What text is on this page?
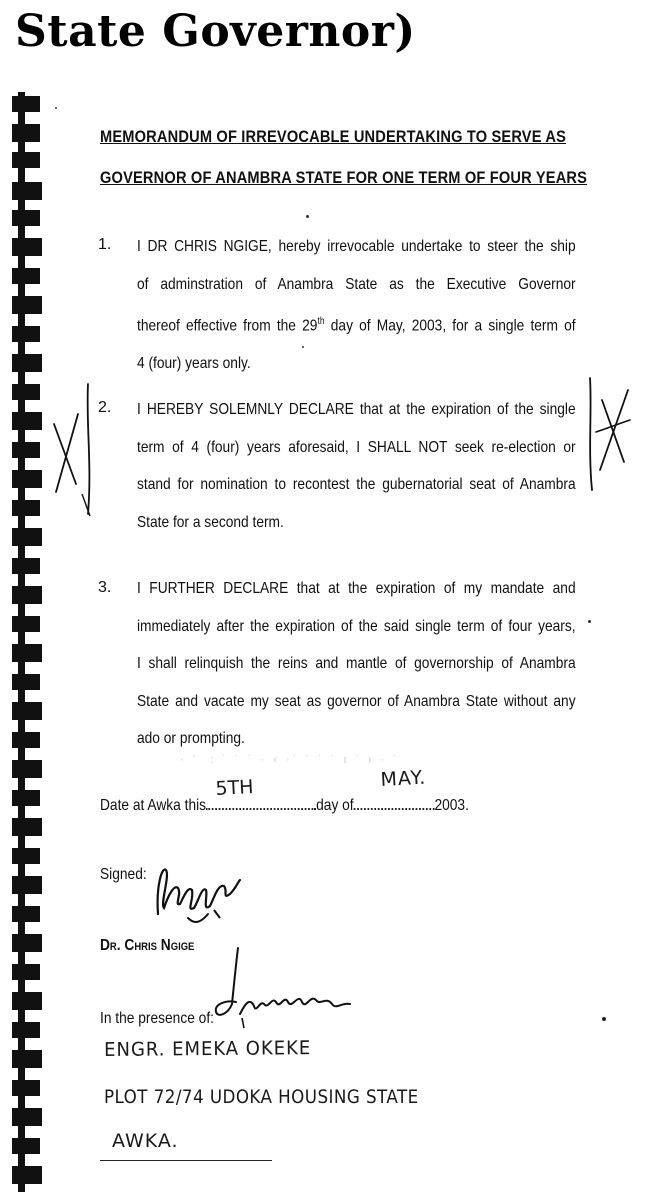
State Governor)
MEMORANDUM OF IRREVOCABLE UNDERTAKING TO SERVE AS
GOVERNOR OF ANAMBRA STATE FOR ONE TERM OF FOUR YEARS
1. I DR CHRIS NGIGE, hereby irrevocable undertake to steer the ship
of adminstration of Anambra State as the Executive Governor
thereof effective from the 29th day of May, 2003, for a single term of
4 (four) years only.
2. I HEREBY SOLEMNLY DECLARE that at the expiration of the single
term of 4 (four) years aforesaid, I SHALL NOT seek re-election or
stand for nomination to recontest the gubernatorial seat of Anambra
State for a second term.
3. I FURTHER DECLARE that at the expiration of my mandate and
immediately after the expiration of the said single term of four years,
I shall relinquish the reins and mantle of governorship of Anambra
State and vacate my seat as governor of Anambra State without any
ado or prompting.
· ʼ  : ˙ ˙ ˙ · ‹ ·ˈ ˙ ˙ ˙ ı ˙ ı · ˙
Date at Awka this	day of	2003.
5TH	MAY.
Signed:
Dr. Chris Ngige
In the presence of:
ENGR. EMEKA OKEKE
PLOT 72/74 UDOKA HOUSING STATE
AWKA.
